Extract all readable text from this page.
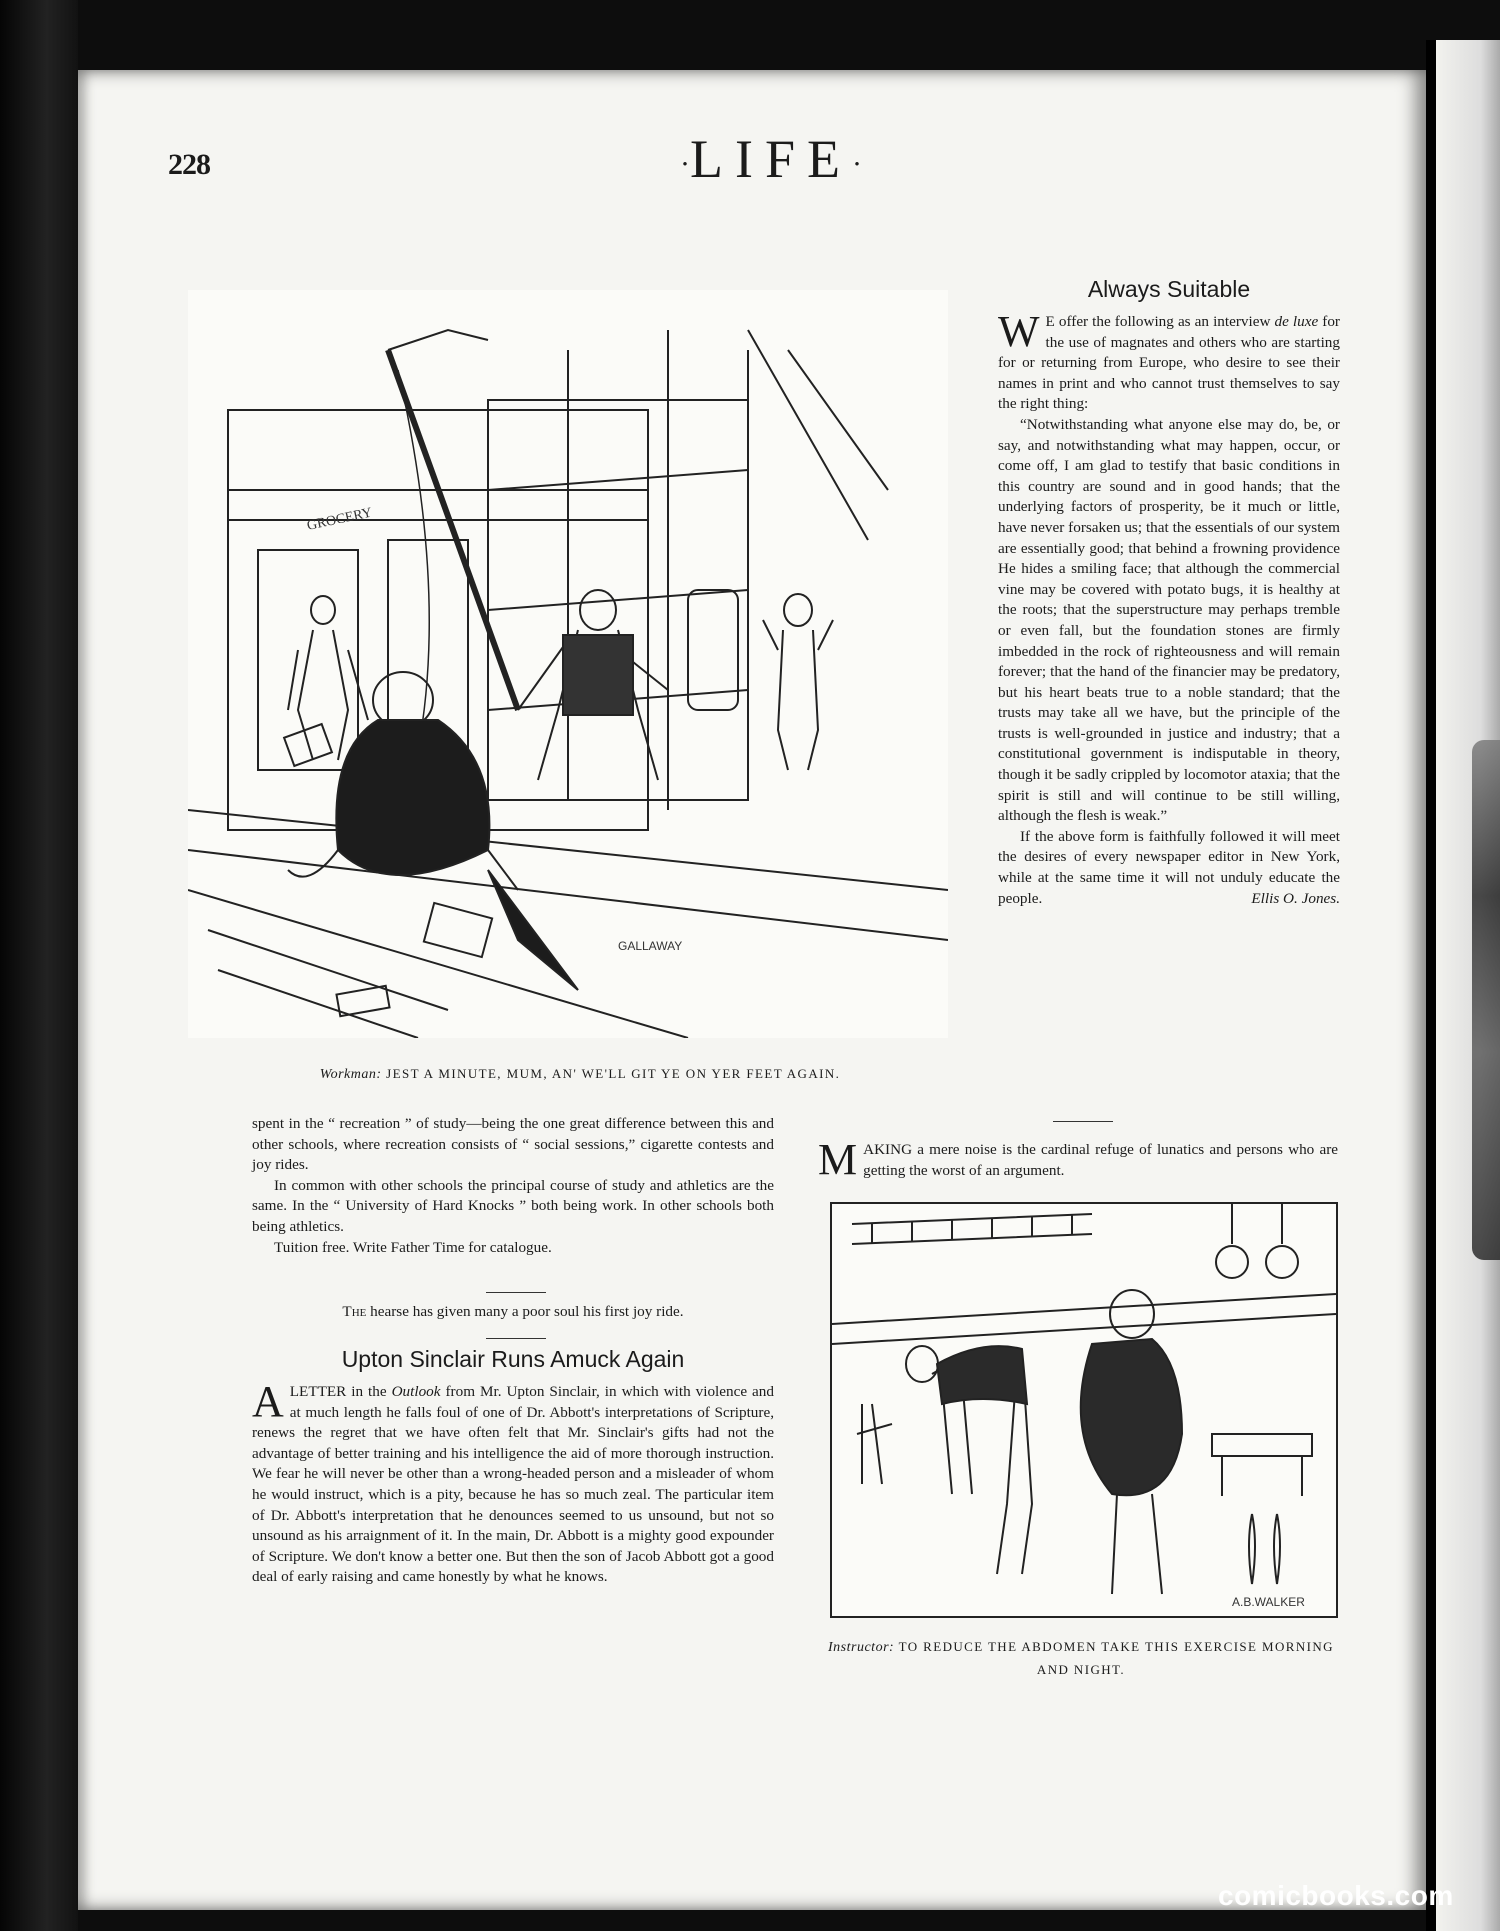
228	·LIFE·
GROCERY
GALLAWAY
Workman: JEST A MINUTE, MUM, AN' WE'LL GIT YE ON YER FEET AGAIN.
Always Suitable

W E offer the following as an interview de luxe for the use of magnates and others who are starting for or returning from Europe, who desire to see their names in print and who cannot trust themselves to say the right thing:

“Notwithstanding what anyone else may do, be, or say, and notwithstanding what may happen, occur, or come off, I am glad to testify that basic conditions in this country are sound and in good hands; that the underlying factors of prosperity, be it much or little, have never forsaken us; that the essentials of our system are essentially good; that behind a frowning providence He hides a smiling face; that although the commercial vine may be covered with potato bugs, it is healthy at the roots; that the superstructure may perhaps tremble or even fall, but the foundation stones are firmly imbedded in the rock of righteousness and will remain forever; that the hand of the financier may be predatory, but his heart beats true to a noble standard; that the trusts may take all we have, but the principle of the trusts is well-grounded in justice and industry; that a constitutional government is indisputable in theory, though it be sadly crippled by locomotor ataxia; that the spirit is still and will continue to be still willing, although the flesh is weak.”

If the above form is faithfully followed it will meet the desires of every newspaper editor in New York, while at the same time it will not unduly educate the people.	Ellis O. Jones.

spent in the “ recreation ” of study—being the one great difference between this and other schools, where recreation consists of “ social sessions,” cigarette contests and joy rides.

In common with other schools the principal course of study and athletics are the same. In the “ University of Hard Knocks ” both being work. In other schools both being athletics.

Tuition free. Write Father Time for catalogue.

The hearse has given many a poor soul his first joy ride.
Upton Sinclair Runs Amuck Again

ALETTER in the Outlook from Mr. Upton Sinclair, in which with violence and at much length he falls foul of one of Dr. Abbott's interpretations of Scripture, renews the regret that we have often felt that Mr. Sinclair's gifts had not the advantage of better training and his intelligence the aid of more thorough instruction. We fear he will never be other than a wrong-headed person and a misleader of whom he would instruct, which is a pity, because he has so much zeal. The particular item of Dr. Abbott's interpretation that he denounces seemed to us unsound, but not so unsound as his arraignment of it. In the main, Dr. Abbott is a mighty good expounder of Scripture. We don't know a better one. But then the son of Jacob Abbott got a good deal of early raising and came honestly by what he knows.

MAKING a mere noise is the cardinal refuge of lunatics and persons who are getting the worst of an argument.

A.B.WALKER
Instructor: TO REDUCE THE ABDOMEN TAKE THIS EXERCISE MORNING AND NIGHT.
comicbooks.com
